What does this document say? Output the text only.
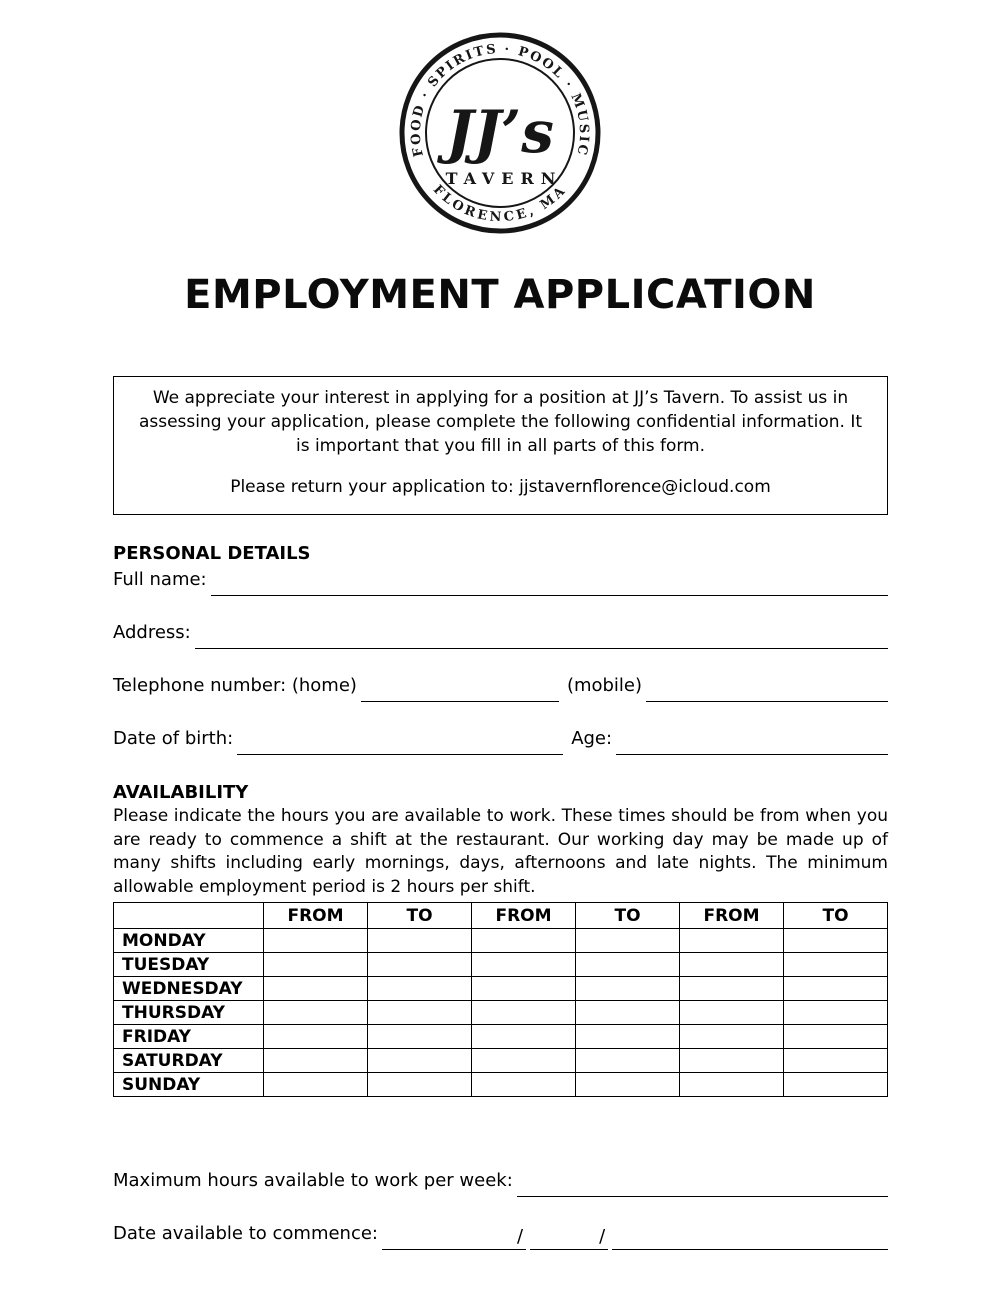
FOOD · SPIRITS · POOL · MUSIC
FLORENCE, MA
JJ’s
TAVERN
EMPLOYMENT APPLICATION

We appreciate your interest in applying for a position at JJ’s Tavern. To assist us in assessing your application, please complete the following confidential information. It is important that you fill in all parts of this form.

Please return your application to: jjstavernflorence@icloud.com

PERSONAL DETAILS
Full name:
Address:
Telephone number: (home)	(mobile)
Date of birth:	Age:
AVAILABILITY

Please indicate the hours you are available to work. These times should be from when you are ready to commence a shift at the restaurant. Our working day may be made up of many shifts including early mornings, days, afternoons and late nights. The minimum allowable employment period is 2 hours per shift.

	FROM	TO	FROM	TO	FROM	TO
MONDAY						
TUESDAY						
WEDNESDAY						
THURSDAY						
FRIDAY						
SATURDAY						
SUNDAY						
Maximum hours available to work per week:
Date available to commence:	/	/
